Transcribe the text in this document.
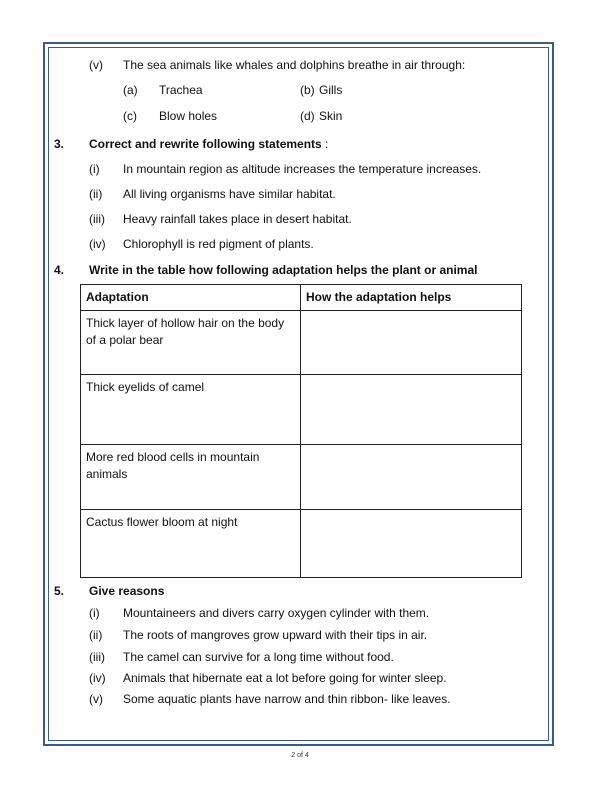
(v) The sea animals like whales and dolphins breathe in air through:
(a) Trachea	(b) Gills
(c) Blow holes	(d) Skin
3. Correct and rewrite following statements :
(i) In mountain region as altitude increases the temperature increases.
(ii) All living organisms have similar habitat.
(iii) Heavy rainfall takes place in desert habitat.
(iv) Chlorophyll is red pigment of plants.
4. Write in the table how following adaptation helps the plant or animal
Adaptation	How the adaptation helps
Thick layer of hollow hair on the body of a polar bear	
Thick eyelids of camel	
More red blood cells in mountain animals	
Cactus flower bloom at night	
5. Give reasons
(i) Mountaineers and divers carry oxygen cylinder with them.
(ii) The roots of mangroves grow upward with their tips in air.
(iii) The camel can survive for a long time without food.
(iv) Animals that hibernate eat a lot before going for winter sleep.
(v) Some aquatic plants have narrow and thin ribbon- like leaves.
2 of 4
